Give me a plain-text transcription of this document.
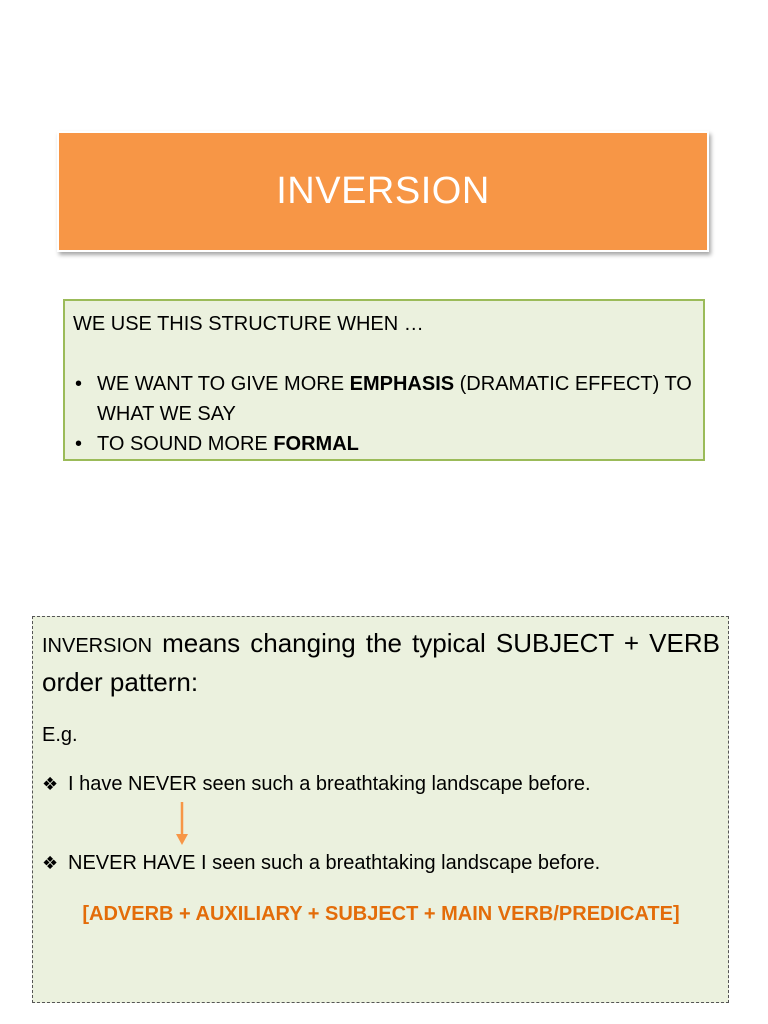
INVERSION

WE USE THIS STRUCTURE WHEN …

• WE WANT TO GIVE MORE EMPHASIS (DRAMATIC EFFECT) TO WHAT WE SAY
• TO SOUND MORE FORMAL

INVERSION means changing the typical SUBJECT + VERB order pattern:

E.g.
❖ I have NEVER seen such a breathtaking landscape before.
❖ NEVER HAVE I seen such a breathtaking landscape before.
[ADVERB + AUXILIARY + SUBJECT + MAIN VERB/PREDICATE]
